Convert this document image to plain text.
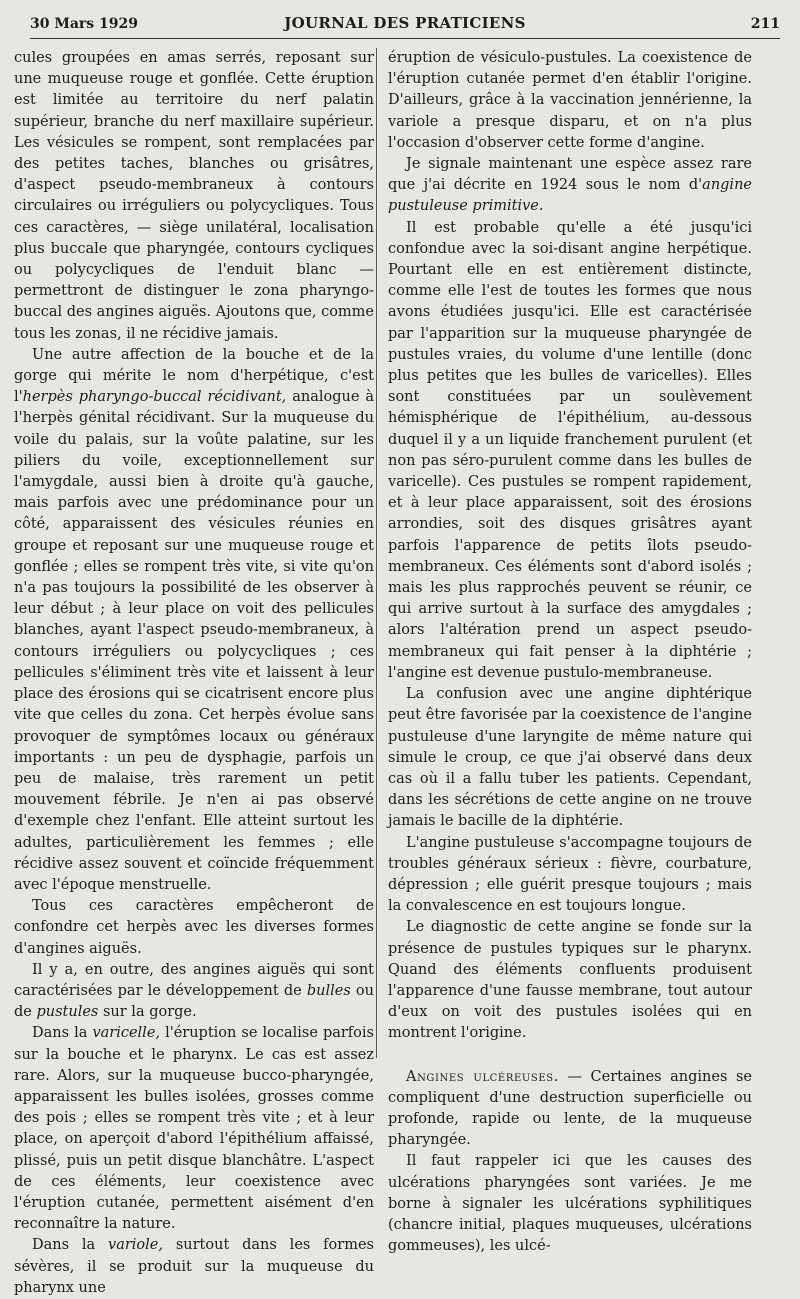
30 Mars 1929	JOURNAL DES PRATICIENS	211

cules groupées en amas serrés, reposant sur une muqueuse rouge et gonflée. Cette éruption est limitée au territoire du nerf palatin supérieur, branche du nerf maxillaire supérieur. Les vésicules se rompent, sont remplacées par des petites taches, blanches ou grisâtres, d'aspect pseudo-membraneux à contours circulaires ou irréguliers ou polycycliques. Tous ces caractères, — siège unilatéral, localisation plus buccale que pharyngée, contours cycliques ou polycycliques de l'enduit blanc — permettront de distinguer le zona pharyngo-buccal des angines aiguës. Ajoutons que, comme tous les zonas, il ne récidive jamais.

Une autre affection de la bouche et de la gorge qui mérite le nom d'herpétique, c'est l'herpès pharyngo-buccal récidivant, analogue à l'herpès génital récidivant. Sur la muqueuse du voile du palais, sur la voûte palatine, sur les piliers du voile, exceptionnellement sur l'amygdale, aussi bien à droite qu'à gauche, mais parfois avec une prédominance pour un côté, apparaissent des vésicules réunies en groupe et reposant sur une muqueuse rouge et gonflée ; elles se rompent très vite, si vite qu'on n'a pas toujours la possibilité de les observer à leur début ; à leur place on voit des pellicules blanches, ayant l'aspect pseudo-membraneux, à contours irréguliers ou polycycliques ; ces pellicules s'éliminent très vite et laissent à leur place des érosions qui se cicatrisent encore plus vite que celles du zona. Cet herpès évolue sans provoquer de symptômes locaux ou généraux importants : un peu de dysphagie, parfois un peu de malaise, très rarement un petit mouvement fébrile. Je n'en ai pas observé d'exemple chez l'enfant. Elle atteint surtout les adultes, particulièrement les femmes ; elle récidive assez souvent et coïncide fréquemment avec l'époque menstruelle.

Tous ces caractères empêcheront de confondre cet herpès avec les diverses formes d'angines aiguës.

Il y a, en outre, des angines aiguës qui sont caractérisées par le développement de bulles ou de pustules sur la gorge.

Dans la varicelle, l'éruption se localise parfois sur la bouche et le pharynx. Le cas est assez rare. Alors, sur la muqueuse bucco-pharyngée, apparaissent les bulles isolées, grosses comme des pois ; elles se rompent très vite ; et à leur place, on aperçoit d'abord l'épithélium affaissé, plissé, puis un petit disque blanchâtre. L'aspect de ces éléments, leur coexistence avec l'éruption cutanée, permettent aisément d'en reconnaître la nature.

Dans la variole, surtout dans les formes sévères, il se produit sur la muqueuse du pharynx une

éruption de vésiculo-pustules. La coexistence de l'éruption cutanée permet d'en établir l'origine. D'ailleurs, grâce à la vaccination jennérienne, la variole a presque disparu, et on n'a plus l'occasion d'observer cette forme d'angine.

Je signale maintenant une espèce assez rare que j'ai décrite en 1924 sous le nom d'angine pustuleuse primitive.

Il est probable qu'elle a été jusqu'ici confondue avec la soi-disant angine herpétique. Pourtant elle en est entièrement distincte, comme elle l'est de toutes les formes que nous avons étudiées jusqu'ici. Elle est caractérisée par l'apparition sur la muqueuse pharyngée de pustules vraies, du volume d'une lentille (donc plus petites que les bulles de varicelles). Elles sont constituées par un soulèvement hémisphérique de l'épithélium, au-dessous duquel il y a un liquide franchement purulent (et non pas séro-purulent comme dans les bulles de varicelle). Ces pustules se rompent rapidement, et à leur place apparaissent, soit des érosions arrondies, soit des disques grisâtres ayant parfois l'apparence de petits îlots pseudo-membraneux. Ces éléments sont d'abord isolés ; mais les plus rapprochés peuvent se réunir, ce qui arrive surtout à la surface des amygdales ; alors l'altération prend un aspect pseudo-membraneux qui fait penser à la diphtérie ; l'angine est devenue pustulo-membraneuse.

La confusion avec une angine diphtérique peut être favorisée par la coexistence de l'angine pustuleuse d'une laryngite de même nature qui simule le croup, ce que j'ai observé dans deux cas où il a fallu tuber les patients. Cependant, dans les sécrétions de cette angine on ne trouve jamais le bacille de la diphtérie.

L'angine pustuleuse s'accompagne toujours de troubles généraux sérieux : fièvre, courbature, dépression ; elle guérit presque toujours ; mais la convalescence en est toujours longue.

Le diagnostic de cette angine se fonde sur la présence de pustules typiques sur le pharynx. Quand des éléments confluents produisent l'apparence d'une fausse membrane, tout autour d'eux on voit des pustules isolées qui en montrent l'origine.

Angines ulcéreuses. — Certaines angines se compliquent d'une destruction superficielle ou profonde, rapide ou lente, de la muqueuse pharyngée.

Il faut rappeler ici que les causes des ulcérations pharyngées sont variées. Je me borne à signaler les ulcérations syphilitiques (chancre initial, plaques muqueuses, ulcérations gommeuses), les ulcé-
